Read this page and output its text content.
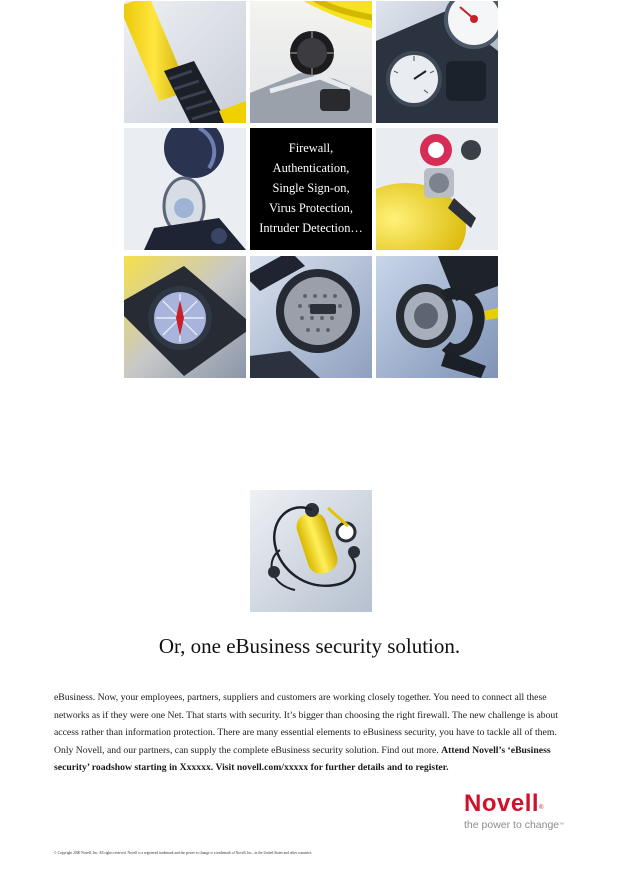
Firewall,
Authentication,
Single Sign-on,
Virus Protection,
Intruder Detection…
Or, one eBusiness security solution.
eBusiness. Now, your employees, partners, suppliers and customers are working closely together. You need to connect all these networks as if they were one Net. That starts with security. It’s bigger than choosing the right firewall. The new challenge is about access rather than information protection. There are many essential elements to eBusiness security, you have to tackle all of them. Only Novell, and our partners, can supply the complete eBusiness security solution. Find out more. Attend Novell’s ‘eBusiness security’ roadshow starting in Xxxxxx. Visit novell.com/xxxxx for further details and to register.
Novell®
the power to change™
© Copyright 2000 Novell, Inc. All rights reserved. Novell is a registered trademark and the power to change is a trademark of Novell, Inc., in the United States and other countries.
